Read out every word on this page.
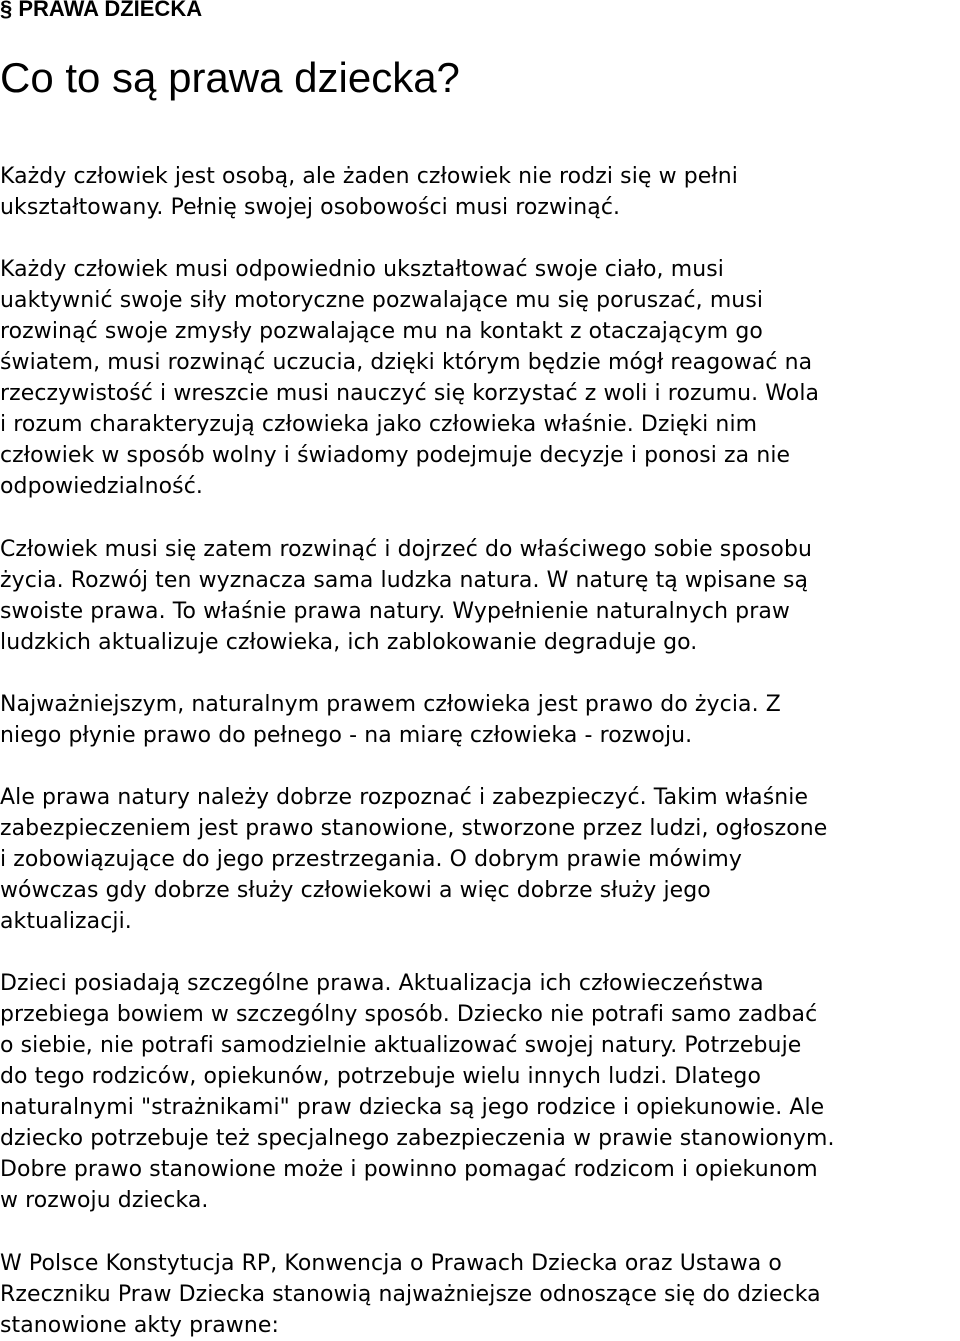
§ PRAWA DZIECKA
Co to są prawa dziecka?
Każdy człowiek jest osobą, ale żaden człowiek nie rodzi się w pełni
ukształtowany. Pełnię swojej osobowości musi rozwinąć.
Każdy człowiek musi odpowiednio ukształtować swoje ciało, musi
uaktywnić swoje siły motoryczne pozwalające mu się poruszać, musi
rozwinąć swoje zmysły pozwalające mu na kontakt z otaczającym go
światem, musi rozwinąć uczucia, dzięki którym będzie mógł reagować na
rzeczywistość i wreszcie musi nauczyć się korzystać z woli i rozumu. Wola
i rozum charakteryzują człowieka jako człowieka właśnie. Dzięki nim
człowiek w sposób wolny i świadomy podejmuje decyzje i ponosi za nie
odpowiedzialność.
Człowiek musi się zatem rozwinąć i dojrzeć do właściwego sobie sposobu
życia. Rozwój ten wyznacza sama ludzka natura. W naturę tą wpisane są
swoiste prawa. To właśnie prawa natury. Wypełnienie naturalnych praw
ludzkich aktualizuje człowieka, ich zablokowanie degraduje go.
Najważniejszym, naturalnym prawem człowieka jest prawo do życia. Z
niego płynie prawo do pełnego - na miarę człowieka - rozwoju.
Ale prawa natury należy dobrze rozpoznać i zabezpieczyć. Takim właśnie
zabezpieczeniem jest prawo stanowione, stworzone przez ludzi, ogłoszone
i zobowiązujące do jego przestrzegania. O dobrym prawie mówimy
wówczas gdy dobrze służy człowiekowi a więc dobrze służy jego
aktualizacji.
Dzieci posiadają szczególne prawa. Aktualizacja ich człowieczeństwa
przebiega bowiem w szczególny sposób. Dziecko nie potrafi samo zadbać
o siebie, nie potrafi samodzielnie aktualizować swojej natury. Potrzebuje
do tego rodziców, opiekunów, potrzebuje wielu innych ludzi. Dlatego
naturalnymi "strażnikami" praw dziecka są jego rodzice i opiekunowie. Ale
dziecko potrzebuje też specjalnego zabezpieczenia w prawie stanowionym.
Dobre prawo stanowione może i powinno pomagać rodzicom i opiekunom
w rozwoju dziecka.
W Polsce Konstytucja RP, Konwencja o Prawach Dziecka oraz Ustawa o
Rzeczniku Praw Dziecka stanowią najważniejsze odnoszące się do dziecka
stanowione akty prawne:
